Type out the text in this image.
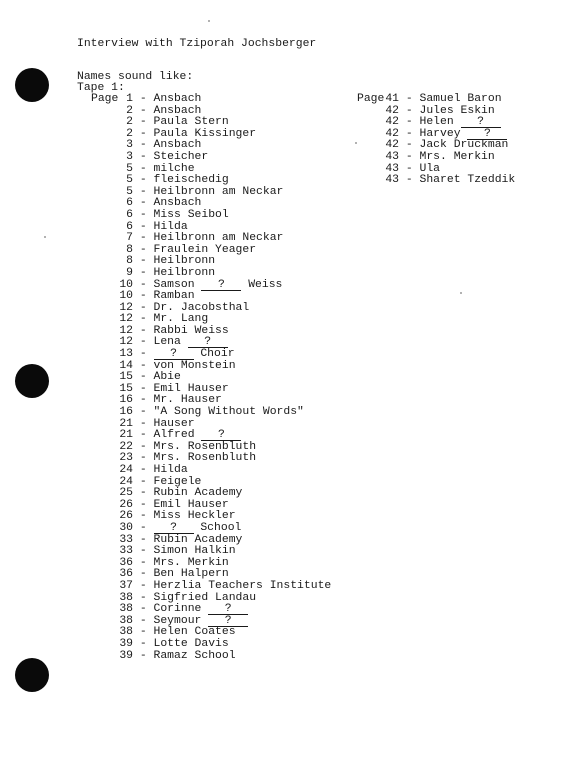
Interview with Tziporah Jochsberger

Names sound like:

Tape 1:

Page 1 - Ansbach
2 - Ansbach
2 - Paula Stern
2 - Paula Kissinger
3 - Ansbach
3 - Steicher
5 - milche
5 - fleischedig
5 - Heilbronn am Neckar
6 - Ansbach
6 - Miss Seibol
6 - Hilda
7 - Heilbronn am Neckar
8 - Fraulein Yeager
8 - Heilbronn
9 - Heilbronn
10 - Samson	?	Weiss
10 - Ramban
12 - Dr. Jacobsthal
12 - Mr. Lang
12 - Rabbi Weiss
12 - Lena	?
13 -	?	Choir
14 - von Monstein
15 - Abie
15 - Emil Hauser
16 - Mr. Hauser
16 - "A Song Without Words"
21 - Hauser
21 - Alfred	?
22 - Mrs. Rosenbluth
23 - Mrs. Rosenbluth
24 - Hilda
24 - Feigele
25 - Rubin Academy
26 - Emil Hauser
26 - Miss Heckler
30 -	?	School
33 - Rubin Academy
33 - Simon Halkin
36 - Mrs. Merkin
36 - Ben Halpern
37 - Herzlia Teachers Institute
38 - Sigfried Landau
38 - Corinne	?
38 - Seymour	?
38 - Helen Coates
39 - Lotte Davis
39 - Ramaz School
Page 41 - Samuel Baron
42 - Jules Eskin
42 - Helen	?
42 - Harvey	?
42 - Jack Druckman
43 - Mrs. Merkin
43 - Ula
43 - Sharet Tzeddik
